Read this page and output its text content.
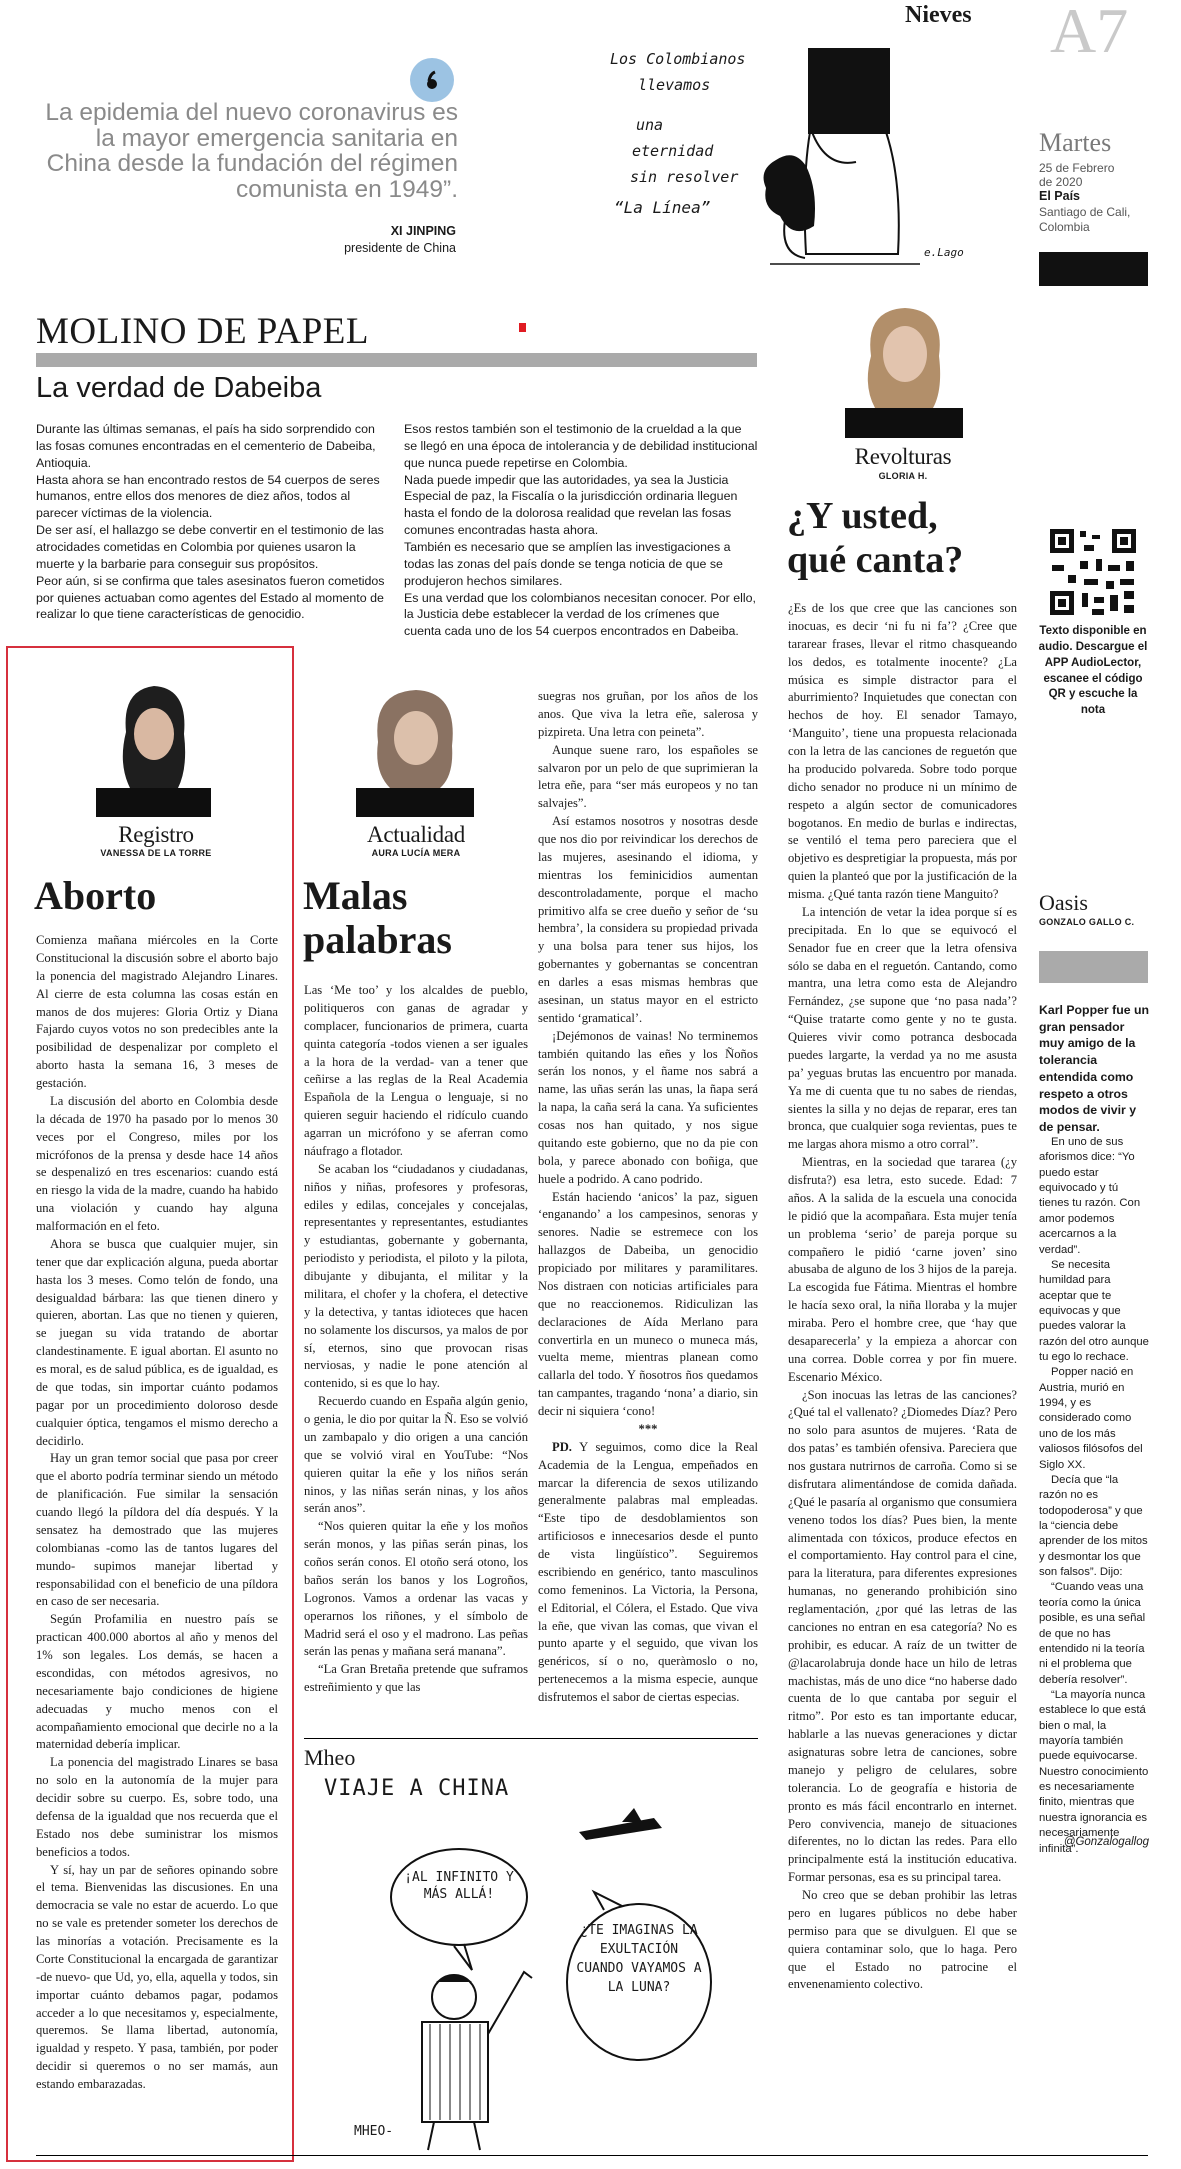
Nieves A7
La epidemia del nuevo coronavirus es la mayor emergencia sanitaria en China desde la fundación del régimen comunista en 1949”.
XI JINPING
presidente de China
Los Colombianos
llevamos
una
eternidad
sin resolver
“La Línea”
e.Lago
Martes
25 de Febrero
de 2020
El País
Santiago de Cali,
Colombia
MOLINO DE PAPEL
La verdad de Dabeiba

Durante las últimas semanas, el país ha sido sorprendido con las fosas comunes encontradas en el cementerio de Dabeiba, Antioquia.

Hasta ahora se han encontrado restos de 54 cuerpos de seres humanos, entre ellos dos menores de diez años, todos al parecer víctimas de la violencia.

De ser así, el hallazgo se debe convertir en el testimonio de las atrocidades cometidas en Colombia por quienes usaron la muerte y la barbarie para conseguir sus propósitos.

Peor aún, si se confirma que tales asesinatos fueron cometidos por quienes actuaban como agentes del Estado al momento de realizar lo que tiene características de genocidio.

Esos restos también son el testimonio de la crueldad a la que se llegó en una época de intolerancia y de debilidad institucional que nunca puede repetirse en Colombia.

Nada puede impedir que las autoridades, ya sea la Justicia Especial de paz, la Fiscalía o la jurisdicción ordinaria lleguen hasta el fondo de la dolorosa realidad que revelan las fosas comunes encontradas hasta ahora.

También es necesario que se amplíen las investigaciones a todas las zonas del país donde se tenga noticia de que se produjeron hechos similares.

Es una verdad que los colombianos necesitan conocer. Por ello, la Justicia debe establecer la verdad de los crímenes que cuenta cada uno de los 54 cuerpos encontrados en Dabeiba.

Registro
VANESSA DE LA TORRE
Aborto

Comienza mañana miércoles en la Corte Constitucional la discusión sobre el aborto bajo la ponencia del magistrado Alejandro Linares. Al cierre de esta columna las cosas están en manos de dos mujeres: Gloria Ortiz y Diana Fajardo cuyos votos no son predecibles ante la posibilidad de despenalizar por completo el aborto hasta la semana 16, 3 meses de gestación.

La discusión del aborto en Colombia desde la década de 1970 ha pasado por lo menos 30 veces por el Congreso, miles por los micrófonos de la prensa y desde hace 14 años se despenalizó en tres escenarios: cuando está en riesgo la vida de la madre, cuando ha habido una violación y cuando hay alguna malformación en el feto.

Ahora se busca que cualquier mujer, sin tener que dar explicación alguna, pueda abortar hasta los 3 meses. Como telón de fondo, una desigualdad bárbara: las que tienen dinero y quieren, abortan. Las que no tienen y quieren, se juegan su vida tratando de abortar clandestinamente. E igual abortan. El asunto no es moral, es de salud pública, es de igualdad, es de que todas, sin importar cuánto podamos pagar por un procedimiento doloroso desde cualquier óptica, tengamos el mismo derecho a decidirlo.

Hay un gran temor social que pasa por creer que el aborto podría terminar siendo un método de planificación. Fue similar la sensación cuando llegó la píldora del día después. Y la sensatez ha demostrado que las mujeres colombianas -como las de tantos lugares del mundo- supimos manejar libertad y responsabilidad con el beneficio de una píldora en caso de ser necesaria.

Según Profamilia en nuestro país se practican 400.000 abortos al año y menos del 1% son legales. Los demás, se hacen a escondidas, con métodos agresivos, no necesariamente bajo condiciones de higiene adecuadas y mucho menos con el acompañamiento emocional que decirle no a la maternidad debería implicar.

La ponencia del magistrado Linares se basa no solo en la autonomía de la mujer para decidir sobre su cuerpo. Es, sobre todo, una defensa de la igualdad que nos recuerda que el Estado nos debe suministrar los mismos beneficios a todos.

Y sí, hay un par de señores opinando sobre el tema. Bienvenidas las discusiones. En una democracia se vale no estar de acuerdo. Lo que no se vale es pretender someter los derechos de las minorías a votación. Precisamente es la Corte Constitucional la encargada de garantizar -de nuevo- que Ud, yo, ella, aquella y todos, sin importar cuánto debamos pagar, podamos acceder a lo que necesitamos y, especialmente, queremos. Se llama libertad, autonomía, igualdad y respeto. Y pasa, también, por poder decidir si queremos o no ser mamás, aun estando embarazadas.

Actualidad
AURA LUCÍA MERA
Malas
palabras

Las ‘Me too’ y los alcaldes de pueblo, politiqueros con ganas de agradar y complacer, funcionarios de primera, cuarta quinta categoría -todos vienen a ser iguales a la hora de la verdad- van a tener que ceñirse a las reglas de la Real Academia Española de la Lengua o lenguaje, si no quieren seguir haciendo el ridículo cuando agarran un micrófono y se aferran como náufrago a flotador.

Se acaban los “ciudadanos y ciudadanas, niños y niñas, profesores y profesoras, ediles y edilas, concejales y concejalas, representantes y representantes, estudiantes y estudiantas, gobernante y gobernanta, periodisto y periodista, el piloto y la pilota, dibujante y dibujanta, el militar y la militara, el chofer y la chofera, el detective y la detectiva, y tantas idioteces que hacen no solamente los discursos, ya malos de por sí, eternos, sino que provocan risas nerviosas, y nadie le pone atención al contenido, si es que lo hay.

Recuerdo cuando en España algún genio, o genia, le dio por quitar la Ñ. Eso se volvió un zambapalo y dio origen a una canción que se volvió viral en YouTube: “Nos quieren quitar la eñe y los niños serán ninos, y las niñas serán ninas, y los años serán anos”.

“Nos quieren quitar la eñe y los moños serán monos, y las piñas serán pinas, los coños serán conos. El otoño será otono, los baños serán los banos y los Logroños, Logronos. Vamos a ordenar las vacas y operarnos los riñones, y el símbolo de Madrid será el oso y el madrono. Las peñas serán las penas y mañana será manana”.

“La Gran Bretaña pretende que suframos estreñimiento y que las

suegras nos gruñan, por los años de los anos. Que viva la letra eñe, salerosa y pizpireta. Una letra con peineta”.

Aunque suene raro, los españoles se salvaron por un pelo de que suprimieran la letra eñe, para “ser más europeos y no tan salvajes”.

Así estamos nosotros y nosotras desde que nos dio por reivindicar los derechos de las mujeres, asesinando el idioma, y mientras los feminicidios aumentan descontroladamente, porque el macho primitivo alfa se cree dueño y señor de ‘su hembra’, la considera su propiedad privada y una bolsa para tener sus hijos, los gobernantes y gobernantas se concentran en darles a esas mismas hembras que asesinan, un status mayor en el estricto sentido ‘gramatical’.

¡Dejémonos de vainas! No terminemos también quitando las eñes y los Ñoños serán los nonos, y el ñame nos sabrá a name, las uñas serán las unas, la ñapa será la napa, la caña será la cana. Ya suficientes cosas nos han quitado, y nos sigue quitando este gobierno, que no da pie con bola, y parece abonado con boñiga, que huele a podrido. A cano podrido.

Están haciendo ‘anicos’ la paz, siguen ‘enganando’ a los campesinos, senoras y senores. Nadie se estremece con los hallazgos de Dabeiba, un genocidio propiciado por militares y paramilitares. Nos distraen con noticias artificiales para que no reaccionemos. Ridiculizan las declaraciones de Aída Merlano para convertirla en un muneco o muneca más, vuelta meme, mientras planean como callarla del todo. Y ñosotros ños quedamos tan campantes, tragando ‘nona’ a diario, sin decir ni siquiera ‘cono!

***

PD. Y seguimos, como dice la Real Academia de la Lengua, empeñados en marcar la diferencia de sexos utilizando generalmente palabras mal empleadas. “Este tipo de desdoblamientos son artificiosos e innecesarios desde el punto de vista lingüístico”. Seguiremos escribiendo en genérico, tanto masculinos como femeninos. La Victoria, la Persona, el Editorial, el Cólera, el Estado. Que viva la eñe, que vivan las comas, que vivan el punto aparte y el seguido, que vivan los genéricos, sí o no, queràmoslo o no, pertenecemos a la misma especie, aunque disfrutemos el sabor de ciertas especias.

Mheo
VIAJE A CHINA
¡AL INFINITO Y MÁS ALLÁ!
¿TE IMAGINAS LA EXULTACIÓN CUANDO VAYAMOS A LA LUNA?
MHEO-
Revolturas
GLORIA H.
¿Y usted,
qué canta?

¿Es de los que cree que las canciones son inocuas, es decir ‘ni fu ni fa’? ¿Cree que tararear frases, llevar el ritmo chasqueando los dedos, es totalmente inocente? ¿La música es simple distractor para el aburrimiento? Inquietudes que conectan con hechos de hoy. El senador Tamayo, ‘Manguito’, tiene una propuesta relacionada con la letra de las canciones de reguetón que ha producido polvareda. Sobre todo porque dicho senador no produce ni un mínimo de respeto a algún sector de comunicadores bogotanos. En medio de burlas e indirectas, se ventiló el tema pero pareciera que el objetivo es despretigiar la propuesta, más por quien la planteó que por la justificación de la misma. ¿Qué tanta razón tiene Manguito?

La intención de vetar la idea porque sí es precipitada. En lo que se equivocó el Senador fue en creer que la letra ofensiva sólo se daba en el reguetón. Cantando, como mantra, una letra como esta de Alejandro Fernández, ¿se supone que ‘no pasa nada’? “Quise tratarte como gente y no te gusta. Quieres vivir como potranca desbocada puedes largarte, la verdad ya no me asusta pa’ yeguas brutas las encuentro por manada. Ya me di cuenta que tu no sabes de riendas, sientes la silla y no dejas de reparar, eres tan bronca, que cualquier soga revientas, pues te me largas ahora mismo a otro corral”.

Mientras, en la sociedad que tararea (¿y disfruta?) esa letra, esto sucede. Edad: 7 años. A la salida de la escuela una conocida le pidió que la acompañara. Esta mujer tenía un problema ‘serio’ de pareja porque su compañero le pidió ‘carne joven’ sino abusaba de alguno de los 3 hijos de la pareja. La escogida fue Fátima. Mientras el hombre le hacía sexo oral, la niña lloraba y la mujer miraba. Pero el hombre cree, que ‘hay que desaparecerla’ y la empieza a ahorcar con una correa. Doble correa y por fin muere. Escenario México.

¿Son inocuas las letras de las canciones? ¿Qué tal el vallenato? ¿Diomedes Díaz? Pero no solo para asuntos de mujeres. ‘Rata de dos patas’ es también ofensiva. Pareciera que nos gustara nutrirnos de carroña. Como si se disfrutara alimentándose de comida dañada. ¿Qué le pasaría al organismo que consumiera veneno todos los días? Pues bien, la mente alimentada con tóxicos, produce efectos en el comportamiento. Hay control para el cine, para la literatura, para diferentes expresiones humanas, no generando prohibición sino reglamentación, ¿por qué las letras de las canciones no entran en esa categoría? No es prohibir, es educar. A raíz de un twitter de @lacarolabruja donde hace un hilo de letras machistas, más de uno dice “no haberse dado cuenta de lo que cantaba por seguir el ritmo”. Por esto es tan importante educar, hablarle a las nuevas generaciones y dictar asignaturas sobre letra de canciones, sobre manejo y peligro de celulares, sobre tolerancia. Lo de geografía e historia de pronto es más fácil encontrarlo en internet. Pero convivencia, manejo de situaciones diferentes, no lo dictan las redes. Para ello principalmente está la institución educativa. Formar personas, esa es su principal tarea.

No creo que se deban prohibir las letras pero en lugares públicos no debe haber permiso para que se divulguen. El que se quiera contaminar solo, que lo haga. Pero que el Estado no patrocine el envenenamiento colectivo.

Texto disponible en audio. Descargue el APP AudioLector, escanee el código QR y escuche la nota
Oasis
GONZALO GALLO C.
Karl Popper fue un gran pensador muy amigo de la tolerancia entendida como respeto a otros modos de vivir y de pensar.

En uno de sus aforismos dice: “Yo puedo estar equivocado y tú tienes tu razón. Con amor podemos acercarnos a la verdad”.

Se necesita humildad para aceptar que te equivocas y que puedes valorar la razón del otro aunque tu ego lo rechace.

Popper nació en Austria, murió en 1994, y es considerado como uno de los más valiosos filósofos del Siglo XX.

Decía que “la razón no es todopoderosa” y que la “ciencia debe aprender de los mitos y desmontar los que son falsos”. Dijo:

“Cuando veas una teoría como la única posible, es una señal de que no has entendido ni la teoría ni el problema que debería resolver”.

“La mayoría nunca establece lo que está bien o mal, la mayoría también puede equivocarse. Nuestro conocimiento es necesariamente finito, mientras que nuestra ignorancia es necesariamente infinita”.

@Gonzalogallog
